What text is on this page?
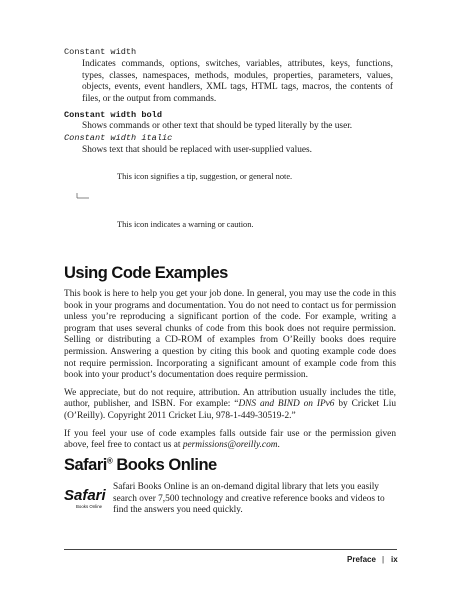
Constant width
Indicates commands, options, switches, variables, attributes, keys, functions, types, classes, namespaces, methods, modules, properties, parameters, values, objects, events, event handlers, XML tags, HTML tags, macros, the contents of files, or the output from commands.
Constant width bold
Shows commands or other text that should be typed literally by the user.
Constant width italic
Shows text that should be replaced with user-supplied values.
This icon signifies a tip, suggestion, or general note.
This icon indicates a warning or caution.
Using Code Examples

This book is here to help you get your job done. In general, you may use the code in this book in your programs and documentation. You do not need to contact us for permission unless you’re reproducing a significant portion of the code. For example, writing a program that uses several chunks of code from this book does not require permission. Selling or distributing a CD-ROM of examples from O’Reilly books does require permission. Answering a question by citing this book and quoting example code does not require permission. Incorporating a significant amount of example code from this book into your product’s documentation does require permission.

We appreciate, but do not require, attribution. An attribution usually includes the title, author, publisher, and ISBN. For example: “DNS and BIND on IPv6 by Cricket Liu (O’Reilly). Copyright 2011 Cricket Liu, 978-1-449-30519-2.”

If you feel your use of code examples falls outside fair use or the permission given above, feel free to contact us at permissions@oreilly.com.

Safari® Books Online
Safari
Books Online
Safari Books Online is an on-demand digital library that lets you easily search over 7,500 technology and creative reference books and videos to find the answers you need quickly.
Preface | ix
